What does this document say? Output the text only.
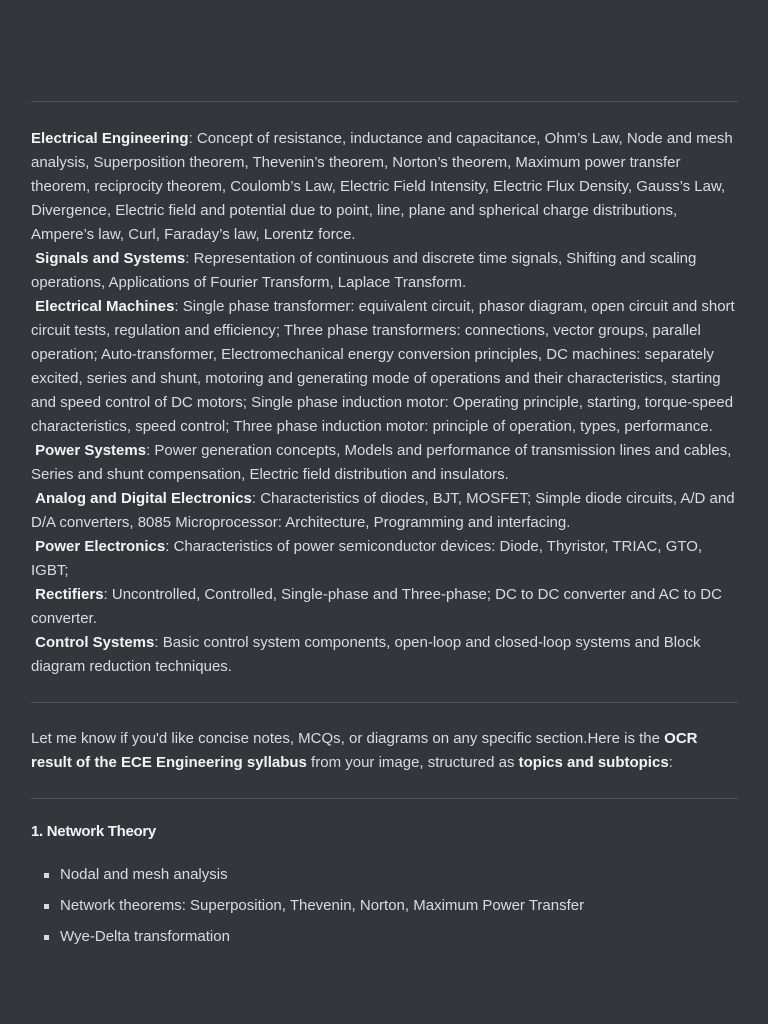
Electrical Engineering: Concept of resistance, inductance and capacitance, Ohm’s Law, Node and mesh analysis, Superposition theorem, Thevenin’s theorem, Norton’s theorem, Maximum power transfer theorem, reciprocity theorem, Coulomb’s Law, Electric Field Intensity, Electric Flux Density, Gauss’s Law, Divergence, Electric field and potential due to point, line, plane and spherical charge distributions, Ampere’s law, Curl, Faraday’s law, Lorentz force.

Signals and Systems: Representation of continuous and discrete time signals, Shifting and scaling operations, Applications of Fourier Transform, Laplace Transform.

Electrical Machines: Single phase transformer: equivalent circuit, phasor diagram, open circuit and short circuit tests, regulation and efficiency; Three phase transformers: connections, vector groups, parallel operation; Auto-transformer, Electromechanical energy conversion principles, DC machines: separately excited, series and shunt, motoring and generating mode of operations and their characteristics, starting and speed control of DC motors; Single phase induction motor: Operating principle, starting, torque-speed characteristics, speed control; Three phase induction motor: principle of operation, types, performance.

Power Systems: Power generation concepts, Models and performance of transmission lines and cables, Series and shunt compensation, Electric field distribution and insulators.

Analog and Digital Electronics: Characteristics of diodes, BJT, MOSFET; Simple diode circuits, A/D and D/A converters, 8085 Microprocessor: Architecture, Programming and interfacing.

Power Electronics: Characteristics of power semiconductor devices: Diode, Thyristor, TRIAC, GTO, IGBT;

Rectifiers: Uncontrolled, Controlled, Single-phase and Three-phase; DC to DC converter and AC to DC converter.

Control Systems: Basic control system components, open-loop and closed-loop systems and Block diagram reduction techniques.

Let me know if you'd like concise notes, MCQs, or diagrams on any specific section.Here is the OCR result of the ECE Engineering syllabus from your image, structured as topics and subtopics:
1. Network Theory
Nodal and mesh analysis
Network theorems: Superposition, Thevenin, Norton, Maximum Power Transfer
Wye-Delta transformation
